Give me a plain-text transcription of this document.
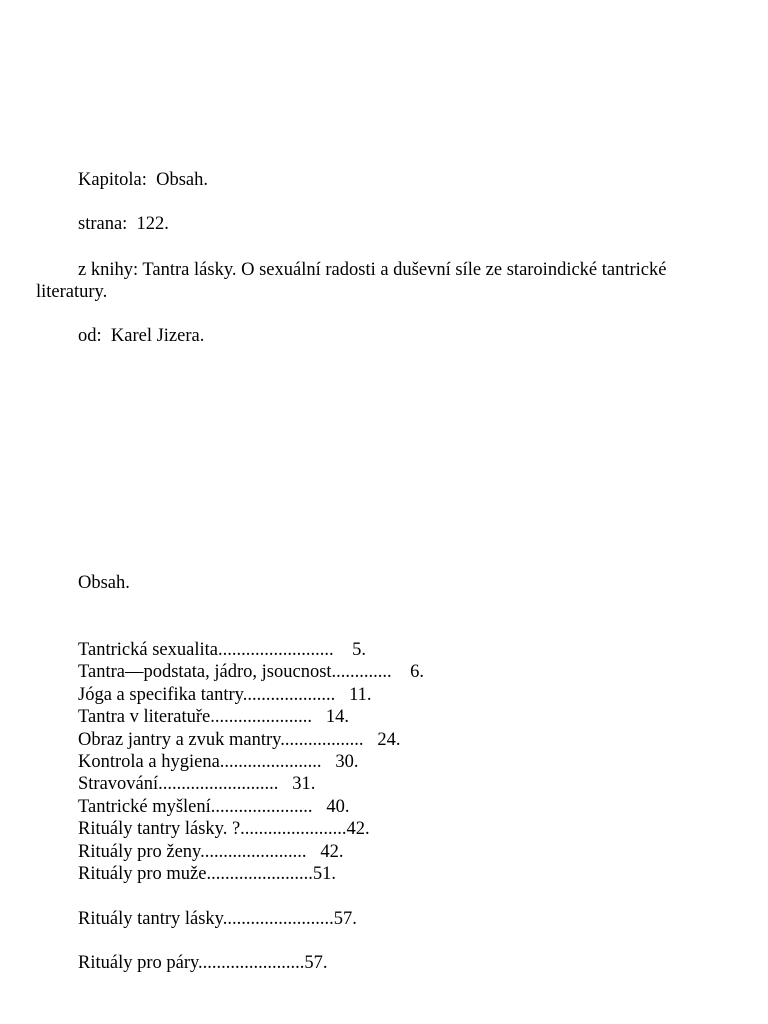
Kapitola:  Obsah.
strana:  122.
z knihy: Tantra lásky. O sexuální radosti a duševní síle ze staroindické tantrické literatury.
od:  Karel Jizera.
Obsah.
Tantrická sexualita.........................    5.
Tantra—podstata, jádro, jsoucnost.............    6.
Jóga a specifika tantry....................   11.
Tantra v literatuře......................   14.
Obraz jantry a zvuk mantry..................   24.
Kontrola a hygiena......................   30.
Stravování..........................   31.
Tantrické myšlení......................   40.
Rituály tantry lásky. ?.......................42.
Rituály pro ženy.......................   42.
Rituály pro muže.......................51.
Rituály tantry lásky........................57.
Rituály pro páry.......................57.
